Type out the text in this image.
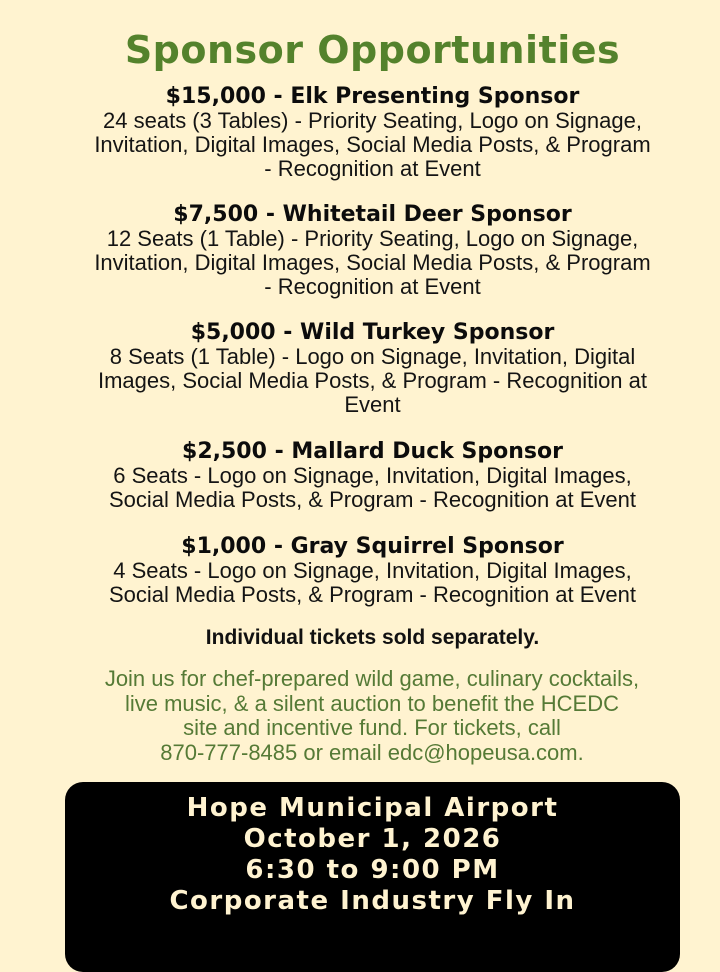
Sponsor Opportunities
$15,000 - Elk Presenting Sponsor
24 seats (3 Tables) - Priority Seating, Logo on Signage,
Invitation, Digital Images, Social Media Posts, & Program
- Recognition at Event
$7,500 - Whitetail Deer Sponsor
12 Seats (1 Table) - Priority Seating, Logo on Signage,
Invitation, Digital Images, Social Media Posts, & Program
- Recognition at Event
$5,000 - Wild Turkey Sponsor
8 Seats (1 Table) - Logo on Signage, Invitation, Digital
Images, Social Media Posts, & Program - Recognition at
Event
$2,500 - Mallard Duck Sponsor
6 Seats - Logo on Signage, Invitation, Digital Images,
Social Media Posts, & Program - Recognition at Event
$1,000 - Gray Squirrel Sponsor
4 Seats - Logo on Signage, Invitation, Digital Images,
Social Media Posts, & Program - Recognition at Event
Individual tickets sold separately.
Join us for chef-prepared wild game, culinary cocktails,
live music, & a silent auction to benefit the HCEDC
site and incentive fund. For tickets, call
870-777-8485 or email edc@hopeusa.com.
Hope Municipal Airport
October 1, 2026
6:30 to 9:00 PM
Corporate Industry Fly In
